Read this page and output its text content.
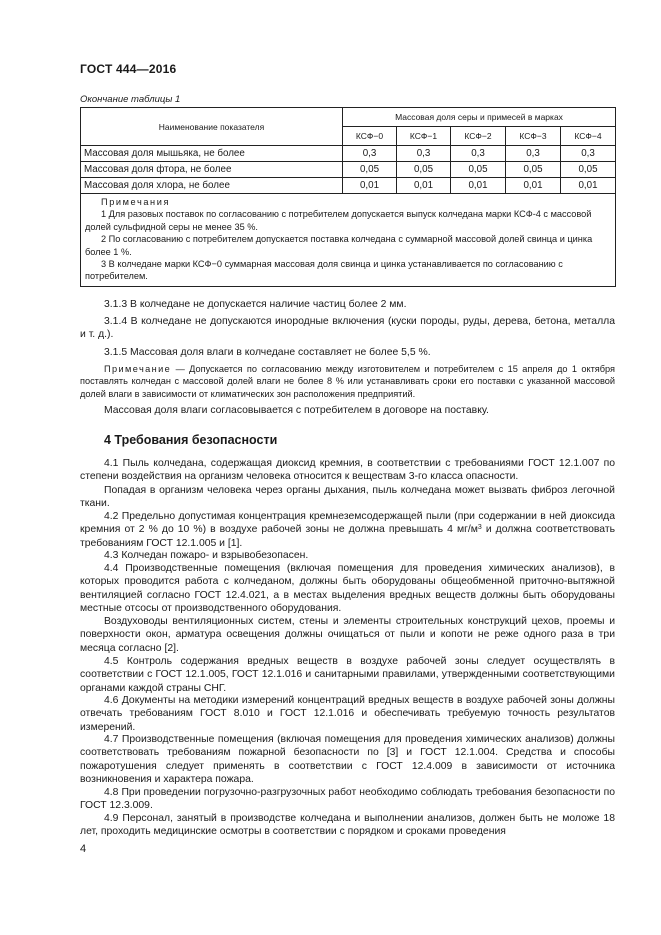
ГОСТ 444—2016
Окончание таблицы 1
Наименование показателя	Массовая доля серы и примесей в марках				
	КСФ−0	КСФ−1	КСФ−2	КСФ−3	КСФ−4
Массовая доля мышьяка, не более	0,3	0,3	0,3	0,3	0,3
Массовая доля фтора, не более	0,05	0,05	0,05	0,05	0,05
Массовая доля хлора, не более	0,01	0,01	0,01	0,01	0,01

Примечания

1 Для разовых поставок по согласованию с потребителем допускается выпуск колчедана марки КСФ-4 с массовой долей сульфидной серы не менее 35 %.

2 По согласованию с потребителем допускается поставка колчедана с суммарной массовой долей свинца и цинка более 1 %.

3 В колчедане марки КСФ−0 суммарная массовая доля свинца и цинка устанавливается по согласованию с потребителем.					

3.1.3 В колчедане не допускается наличие частиц более 2 мм.

3.1.4 В колчедане не допускаются инородные включения (куски породы, руды, дерева, бетона, металла и т. д.).

3.1.5 Массовая доля влаги в колчедане составляет не более 5,5 %.

Примечание — Допускается по согласованию между изготовителем и потребителем с 15 апреля до 1 октября поставлять колчедан с массовой долей влаги не более 8 % или устанавливать сроки его поставки с указанной массовой долей влаги в зависимости от климатических зон расположения предприятий.

Массовая доля влаги согласовывается с потребителем в договоре на поставку.

4 Требования безопасности

4.1 Пыль колчедана, содержащая диоксид кремния, в соответствии с требованиями ГОСТ 12.1.007 по степени воздействия на организм человека относится к веществам 3-го класса опасности.

Попадая в организм человека через органы дыхания, пыль колчедана может вызвать фиброз легочной ткани.

4.2 Предельно допустимая концентрация кремнеземсодержащей пыли (при содержании в ней диоксида кремния от 2 % до 10 %) в воздухе рабочей зоны не должна превышать 4 $мг/м^3$ и должна соответствовать требованиям ГОСТ 12.1.005 и [1].

4.3 Колчедан пожаро- и взрывобезопасен.

4.4 Производственные помещения (включая помещения для проведения химических анализов), в которых проводится работа с колчеданом, должны быть оборудованы общеобменной приточно-вытяжной вентиляцией согласно ГОСТ 12.4.021, а в местах выделения вредных веществ должны быть оборудованы местные отсосы от производственного оборудования.

Воздуховоды вентиляционных систем, стены и элементы строительных конструкций цехов, проемы и поверхности окон, арматура освещения должны очищаться от пыли и копоти не реже одного раза в три месяца согласно [2].

4.5 Контроль содержания вредных веществ в воздухе рабочей зоны следует осуществлять в соответствии с ГОСТ 12.1.005, ГОСТ 12.1.016 и санитарными правилами, утвержденными соответствующими органами каждой страны СНГ.

4.6 Документы на методики измерений концентраций вредных веществ в воздухе рабочей зоны должны отвечать требованиям ГОСТ 8.010 и ГОСТ 12.1.016 и обеспечивать требуемую точность результатов измерений.

4.7 Производственные помещения (включая помещения для проведения химических анализов) должны соответствовать требованиям пожарной безопасности по [3] и ГОСТ 12.1.004. Средства и способы пожаротушения следует применять в соответствии с ГОСТ 12.4.009 в зависимости от источника возникновения и характера пожара.

4.8 При проведении погрузочно-разгрузочных работ необходимо соблюдать требования безопасности по ГОСТ 12.3.009.

4.9 Персонал, занятый в производстве колчедана и выполнении анализов, должен быть не моложе 18 лет, проходить медицинские осмотры в соответствии с порядком и сроками проведения

4
